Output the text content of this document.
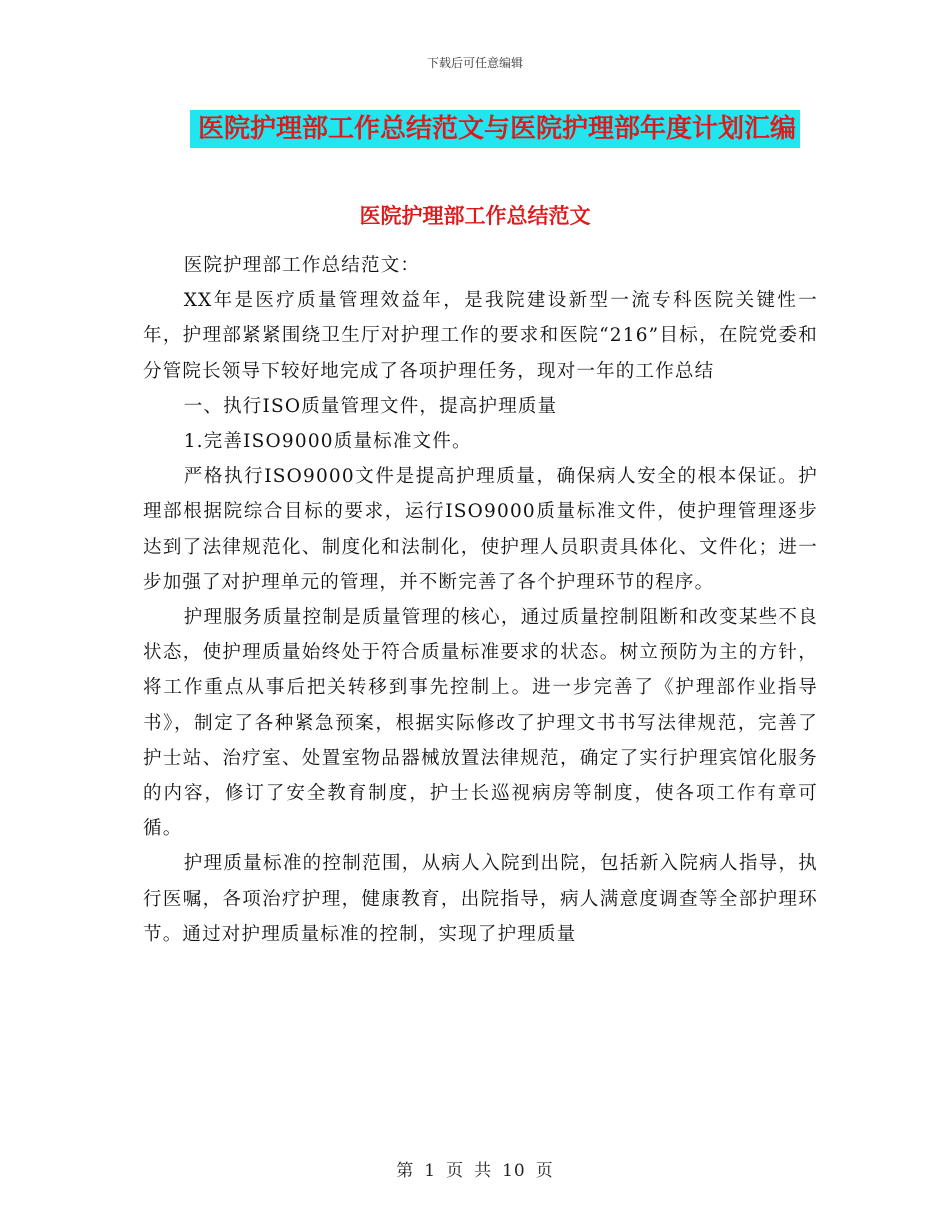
下载后可任意编辑
医院护理部工作总结范文与医院护理部年度计划汇编
医院护理部工作总结范文

医院护理部工作总结范文：

XX年是医疗质量管理效益年，是我院建设新型一流专科医院关键性一年，护理部紧紧围绕卫生厅对护理工作的要求和医院“216”目标，在院党委和分管院长领导下较好地完成了各项护理任务，现对一年的工作总结

一、执行ISO质量管理文件，提高护理质量

1.完善ISO9000质量标准文件。

严格执行ISO9000文件是提高护理质量，确保病人安全的根本保证。护理部根据院综合目标的要求，运行ISO9000质量标准文件，使护理管理逐步达到了法律规范化、制度化和法制化，使护理人员职责具体化、文件化；进一步加强了对护理单元的管理，并不断完善了各个护理环节的程序。

护理服务质量控制是质量管理的核心，通过质量控制阻断和改变某些不良状态，使护理质量始终处于符合质量标准要求的状态。树立预防为主的方针，将工作重点从事后把关转移到事先控制上。进一步完善了《护理部作业指导书》，制定了各种紧急预案，根据实际修改了护理文书书写法律规范，完善了护士站、治疗室、处置室物品器械放置法律规范，确定了实行护理宾馆化服务的内容，修订了安全教育制度，护士长巡视病房等制度，使各项工作有章可循。

护理质量标准的控制范围，从病人入院到出院，包括新入院病人指导，执行医嘱，各项治疗护理，健康教育，出院指导，病人满意度调查等全部护理环节。通过对护理质量标准的控制，实现了护理质量

第 1 页 共 10 页
